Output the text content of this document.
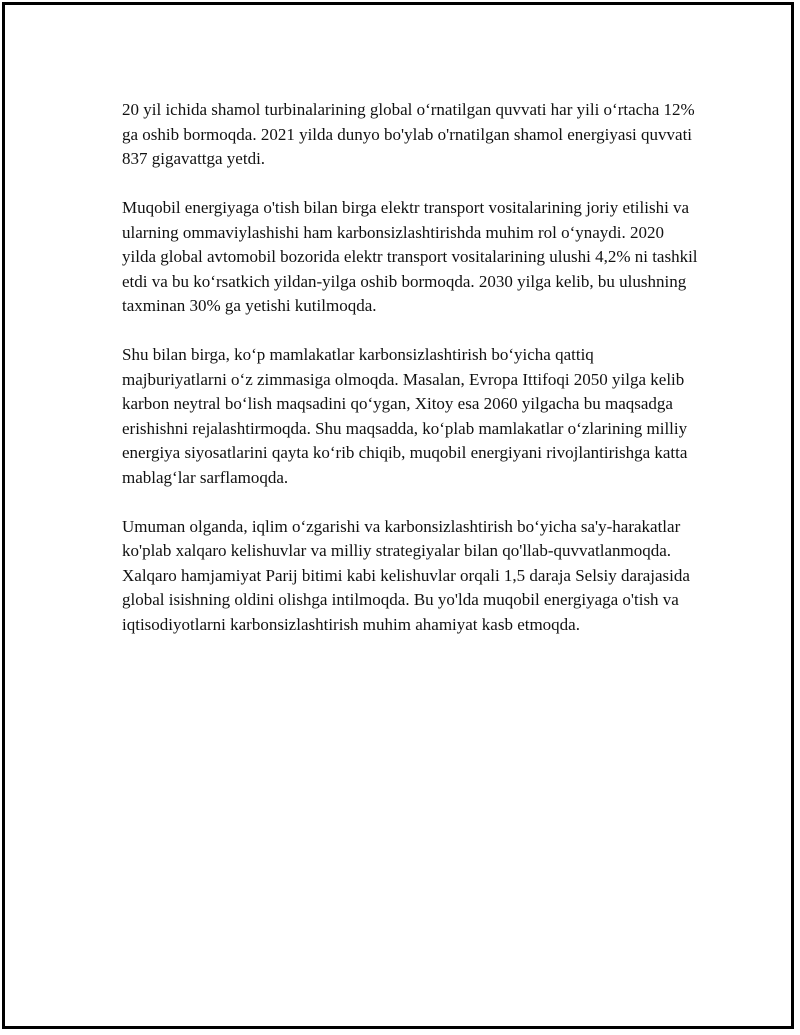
20 yil ichida shamol turbinalarining global oʻrnatilgan quvvati har yili oʻrtacha 12% ga oshib bormoqda. 2021 yilda dunyo bo'ylab o'rnatilgan shamol energiyasi quvvati 837 gigavattga yetdi.

Muqobil energiyaga o'tish bilan birga elektr transport vositalarining joriy etilishi va ularning ommaviylashishi ham karbonsizlashtirishda muhim rol oʻynaydi. 2020 yilda global avtomobil bozorida elektr transport vositalarining ulushi 4,2% ni tashkil etdi va bu koʻrsatkich yildan-yilga oshib bormoqda. 2030 yilga kelib, bu ulushning taxminan 30% ga yetishi kutilmoqda.

Shu bilan birga, koʻp mamlakatlar karbonsizlashtirish boʻyicha qattiq majburiyatlarni oʻz zimmasiga olmoqda. Masalan, Evropa Ittifoqi 2050 yilga kelib karbon neytral boʻlish maqsadini qoʻygan, Xitoy esa 2060 yilgacha bu maqsadga erishishni rejalashtirmoqda. Shu maqsadda, koʻplab mamlakatlar oʻzlarining milliy energiya siyosatlarini qayta koʻrib chiqib, muqobil energiyani rivojlantirishga katta mablagʻlar sarflamoqda.

Umuman olganda, iqlim oʻzgarishi va karbonsizlashtirish boʻyicha sa'y-harakatlar ko'plab xalqaro kelishuvlar va milliy strategiyalar bilan qo'llab-quvvatlanmoqda. Xalqaro hamjamiyat Parij bitimi kabi kelishuvlar orqali 1,5 daraja Selsiy darajasida global isishning oldini olishga intilmoqda. Bu yo'lda muqobil energiyaga o'tish va iqtisodiyotlarni karbonsizlashtirish muhim ahamiyat kasb etmoqda.
